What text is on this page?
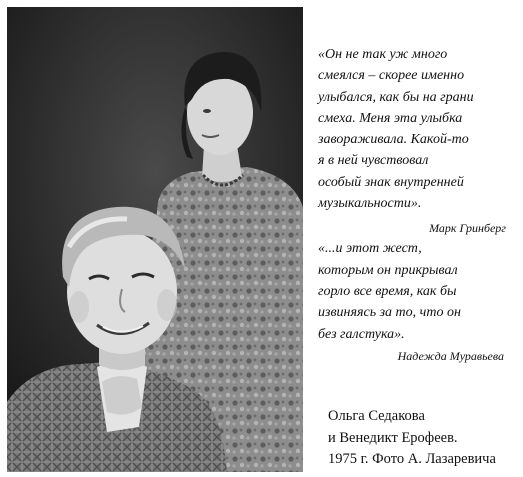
«Он не так уж много
смеялся – скорее именно
улыбался, как бы на грани
смеха. Меня эта улыбка
завораживала. Какой-то
я в ней чувствовал
особый знак внутренней
музыкальности».
Марк Гринберг
«...и этот жест,
которым он прикрывал
горло все время, как бы
извиняясь за то, что он
без галстука».
Надежда Муравьева
Ольга Седакова
и Венедикт Ерофеев.
1975 г. Фото А. Лазаревича
